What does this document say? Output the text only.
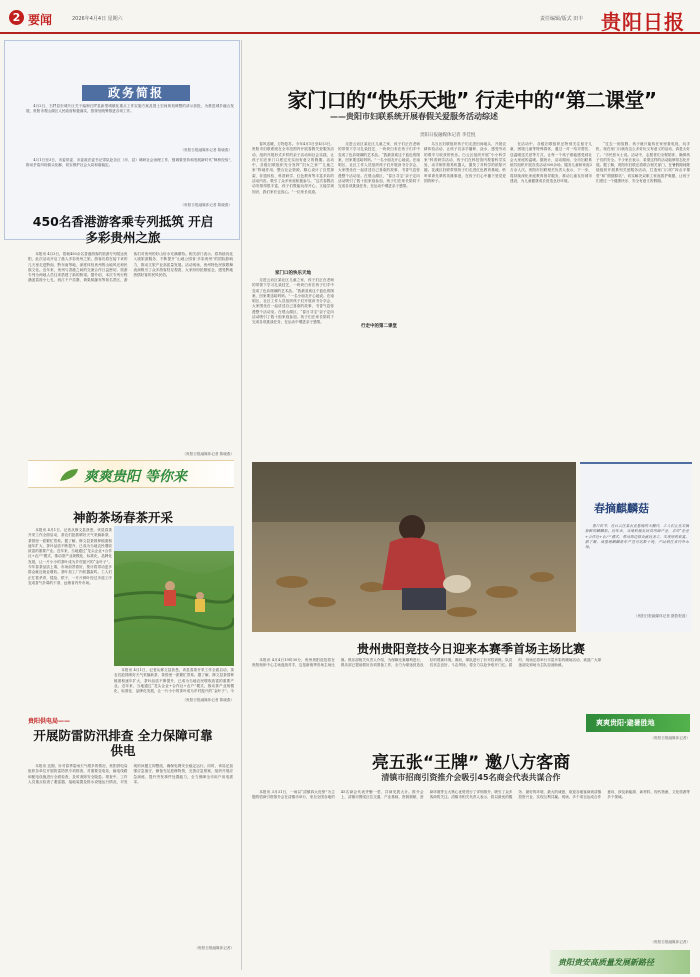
2 要闻	2026年4月4日 星期六	责任编辑/版式 田丰 贵阳日报
政务简报

4月2日，石阡县东城片区关于编制石阡县新型城镇化重点工作实施方案及国土空间规划调整的请示获批，为推进城乡融合发展，贵阳市观山湖区人民政府积极落实，按规划统筹推进各项工作。

（贵阳日报融媒体记者 陈晓燕）

4月1日至3日，市委常委、市委政法委书记带队赴各区（市、县）调研社会治理工作，强调要坚持和发展新时代“枫桥经验”，推动矛盾纠纷源头化解，切实维护社会大局和谐稳定。

（贵阳日报融媒体记者 陈晓燕）
450名香港游客乘专列抵筑 开启多彩贵州之旅

本报讯 4月3日，搭载450余名香港游客的旅游专列抵达贵阳，此次活动开启了港人多彩贵州之旅。游客们将在接下来的几天里走进黔南、黔东南等地，深度体验贵州的山地风光和民族文化。近年来，贵州与香港之间的交流合作日益密切，旅游专列为两地人员往来搭建了新的桥梁。据介绍，本次专列行程涵盖荔波小七孔、西江千户苗寨、黄果树瀑布等知名景区，游客们对贵州的好山好水充满期待。相关部门表示，将持续优化入境旅游服务，不断提升“山地公园省·多彩贵州”的国际影响力，推动文旅产业高质量发展。活动现场，贵州特色民族歌舞表演吸引了众多游客驻足观看，大家纷纷拍照留念，感受黔地热情好客的民风民俗。

（贵阳日报融媒体记者 陈晓燕）
爽爽贵阳 等你来
神韵茶场春茶开采

本报讯 4月1日，记者从修文县获悉，该县春茶开采工作全面启动，茶农们抢抓晴好天气采摘新茶，茶园里一派繁忙景象。据了解，修文县茶园种植面积逐年扩大，茶叶品质不断提升，已成为当地农民增收致富的重要产业。近年来，当地通过“龙头企业+合作社+农户”模式，推动茶产业规模化、标准化、品牌化发展，让一片小小的茶叶成为乡村振兴的“金叶子”。今年春茶品质上乘，市场前景看好，预计将带动更多群众就近就业增收。茶叶加工厂内机器轰鸣，工人们正忙着杀青、揉捻、烘干，一片片鲜叶经过多道工序变成香气扑鼻的干茶，远销省内外市场。

本报讯 4月1日，记者从修文县获悉，该县春茶开采工作全面启动，茶农们抢抓晴好天气采摘新茶，茶园里一派繁忙景象。据了解，修文县茶园种植面积逐年扩大，茶叶品质不断提升，已成为当地农民增收致富的重要产业。近年来，当地通过“龙头企业+合作社+农户”模式，推动茶产业规模化、标准化、品牌化发展，让一片小小的茶叶成为乡村振兴的“金叶子”。今

（贵阳日报融媒体记者 陈晓燕）
贵阳供电局——
开展防雷防汛排查 全力保障可靠供电

本报讯 近期，针对春季雷雨天气增多的情况，贵阳供电局组织各单位开展防雷防汛专项排查，对重要变电站、输电线路和配电设施进行全面检查，及时消除安全隐患。排查中，工作人员重点检查了避雷器、接地装置及排水设施运行情况，对发现的问题立即整改，确保电网安全稳定运行。同时，该局还加强应急值守，储备充足抢修物资，完善应急预案，组织开展应急演练，提升突发事件处置能力，全力保障全市用户用电需求。

（贵阳日报融媒体记者）
家门口的“快乐天地” 行走中的“第二课堂”
——贵阳市妇联系统开展春假关爱服务活动综述
贵阳日报融媒体记者 李佳悦

春风送暖，万物复苏。今年4月1日至4月3日，贵阳市妇联系统在全市范围内开展春假关爱服务活动，组织开展形式多样的亲子活动和社会实践，让孩子们在家门口度过充实而有意义的假期。活动中，各级妇联组织充分发挥“妇女之家”“儿童之家”阵地作用，整合社会资源，精心设计了自然探索、非遗体验、科普研学、红色教育等丰富多彩的活动内容，吸引了众多家庭积极参与。“这次春假活动安排得很丰富，孩子们既能玩得开心，又能学到知识，我们家长也放心。”一位家长说道。

家门口的快乐天地

走进云岩区某社区儿童之家，孩子们正在老师的带领下学习扎染技艺，一块块白布在孩子们手中变成了色彩斑斓的艺术品。“我最喜欢这个蓝色的图案，回家要送给妈妈。”一名小朋友开心地说。在南明区，社区工作人员组织孩子们开展读书分享会，大家围坐在一起讲述自己喜欢的故事，书香气息弥漫整个活动室。在观山湖区，“春日寻宝”亲子定向活动吸引了数十组家庭参加，孩子们在家长陪同下完成各项挑战任务，在运动中增进亲子感情。

走进云岩区某社区儿童之家，孩子们正在老师的带领下学习扎染技艺，一块块白布在孩子们手中变成了色彩斑斓的艺术品。“我最喜欢这个蓝色的图案，回家要送给妈妈。”一名小朋友开心地说。在南明区，社区工作人员组织孩子们开展读书分享会，大家围坐在一起讲述自己喜欢的故事，书香气息弥漫整个活动室。在观山湖区，“春日寻宝”亲子定向活动吸引了数十组家庭参加，孩子们在家长陪同下完成各项挑战任务，在运动中增进亲子感情。

行走中的第二课堂

乌当区妇联组织孩子们走进田间地头，开展农耕体验活动，让孩子们亲手播种、浇水，感受劳动的艰辛与收获的快乐。白云区组织开展“小小科学家”科普研学活动，孩子们在科技馆内观看科学实验，动手制作简易机器人，激发了对科学的浓厚兴趣。花溪区妇联带领孩子们走进红色教育基地，聆听革命先辈的英雄事迹，在孩子们心中播下爱党爱国的种子。

在活动中，各级妇联组织还特别关注留守儿童、困境儿童等特殊群体，通过一对一结对帮扶、送温暖送关爱等方式，让每一个孩子都能感受到社会大家庭的温暖。据统计，活动期间，全市妇联系统共组织开展各类活动300余场，服务儿童和家庭2万余人次。贵阳市妇联相关负责人表示，下一步，将持续深化家庭教育指导服务，推动儿童友好城市建设，为儿童健康成长营造良好环境。

“过去一到放假，孩子就只能待在家里看电视、玩手机，现在家门口就有这么多好玩又有意义的活动，真是太好了。”市民张女士说。活动中，志愿者们全程陪伴，确保孩子们的安全。不少家长表示，希望这样的活动能够常态化开展。据了解，贵阳市妇联还将联合相关部门，在暑假期间继续组织开展系列关爱服务活动，打造家门口的“四点半课堂”和“假期驿站”，切实解决双职工家庭看护难题，让孩子们度过一个健康快乐、安全有意义的假期。

春摘麒麟菇

春日时节，在白云区某农业基地的大棚内，工人们正在采摘新鲜的麒麟菇。近年来，当地积极发展食用菌产业，采用“企业+合作社+农户”模式，带动周边群众就近务工，实现增收致富。据了解，该基地麒麟菇年产量可达数十吨，产品销往省内外市场。

（贵阳日报融媒体记者 摄影报道）
贵州贵阳竞技今日迎来本赛季首场主场比赛

本报讯 4月4日19时30分，贵州贵阳竞技将在贵阳奥体中心主场迎战对手，这是新赛季首场主场比赛。俱乐部相关负责人介绍，为保障比赛顺利进行，俱乐部已提前做好各项准备工作，全力为球迷营造良好的观赛环境。赛前，球队进行了针对性训练，队员们状态良好，斗志昂扬，将全力以赴争取开门红。届时，现场还将举行丰富多彩的暖场活动，欢迎广大球迷朋友到场为主队加油助威。

爽爽贵阳·避暑胜地
（贵阳日报融媒体记者）
亮五张“王牌” 邀八方客商
清镇市招商引资推介会吸引45名商会代表共谋合作

本报讯 3月31日，一场以“清镇四大优势”为主题的招商引资推介会在清镇市举行，来自全国各地的45名商会代表齐聚一堂，共商发展大计。推介会上，清镇市围绕区位交通、产业基础、资源禀赋、营商环境等五大核心优势进行了详细推介，吸引了众多客商的关注。清镇市相关负责人表示，将以最优的服务、最好的环境、最大的诚意，欢迎各地客商到清镇投资兴业，实现互利共赢。现场，多个项目达成合作意向，涉及新能源、新材料、现代物流、文化旅游等多个领域。

（贵阳日报融媒体记者）
贵阳贵安高质量发展新路径
